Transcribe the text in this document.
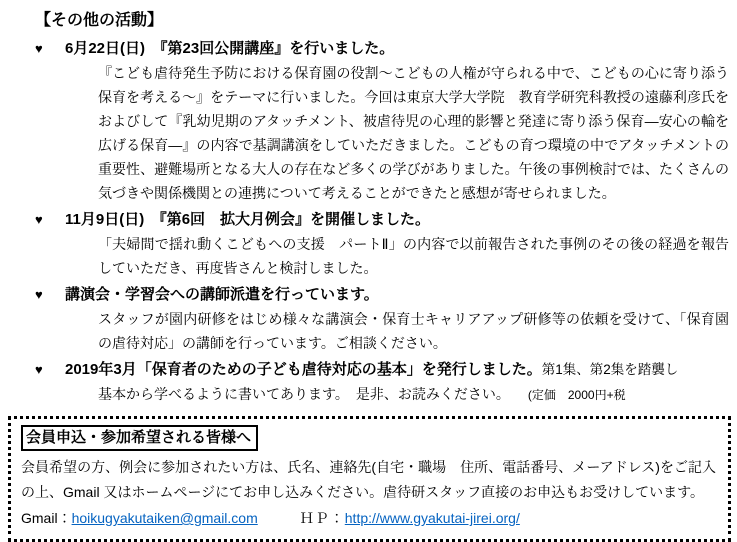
【その他の活動】
♥	6月22日(日)　『第23回公開講座』を行いました。
『こども虐待発生予防における保育園の役割～こどもの人権が守られる中で、こどもの心に寄り添う保育を考える～』をテーマに行いました。今回は東京大学大学院　教育学研究科教授の遠藤利彦氏をおよびして『乳幼児期のアタッチメント、被虐待児の心理的影響と発達に寄り添う保育―安心の輪を広げる保育―』の内容で基調講演をしていただきました。こどもの育つ環境の中でアタッチメントの重要性、避難場所となる大人の存在など多くの学びがありました。午後の事例検討では、たくさんの気づきや関係機関との連携について考えることができたと感想が寄せられました。
♥	11月9日(日)　『第6回　拡大月例会』を開催しました。
「夫婦間で揺れ動くこどもへの支援　パートⅡ」の内容で以前報告された事例のその後の経過を報告していただき、再度皆さんと検討しました。
♥	講演会・学習会への講師派遣を行っています。
スタッフが園内研修をはじめ様々な講演会・保育士キャリアアップ研修等の依頼を受けて、「保育園の虐待対応」の講師を行っています。ご相談ください。
♥	2019年3月「保育者のための子ども虐待対応の基本」を発行しました。第1集、第2集を踏襲し
基本から学べるように書いてあります。　是非、お読みください。 (定価　2000円+税
会員申込・参加希望される皆様へ
会員希望の方、例会に参加されたい方は、氏名、連絡先(自宅・職場　住所、電話番号、メーアドレス)をご記入の上、Gmail 又はホームページにてお申し込みください。虐待研スタッフ直接のお申込もお受けしています。
Gmail：hoikugyakutaiken@gmail.com	ＨＰ：http://www.gyakutai-jirei.org/
